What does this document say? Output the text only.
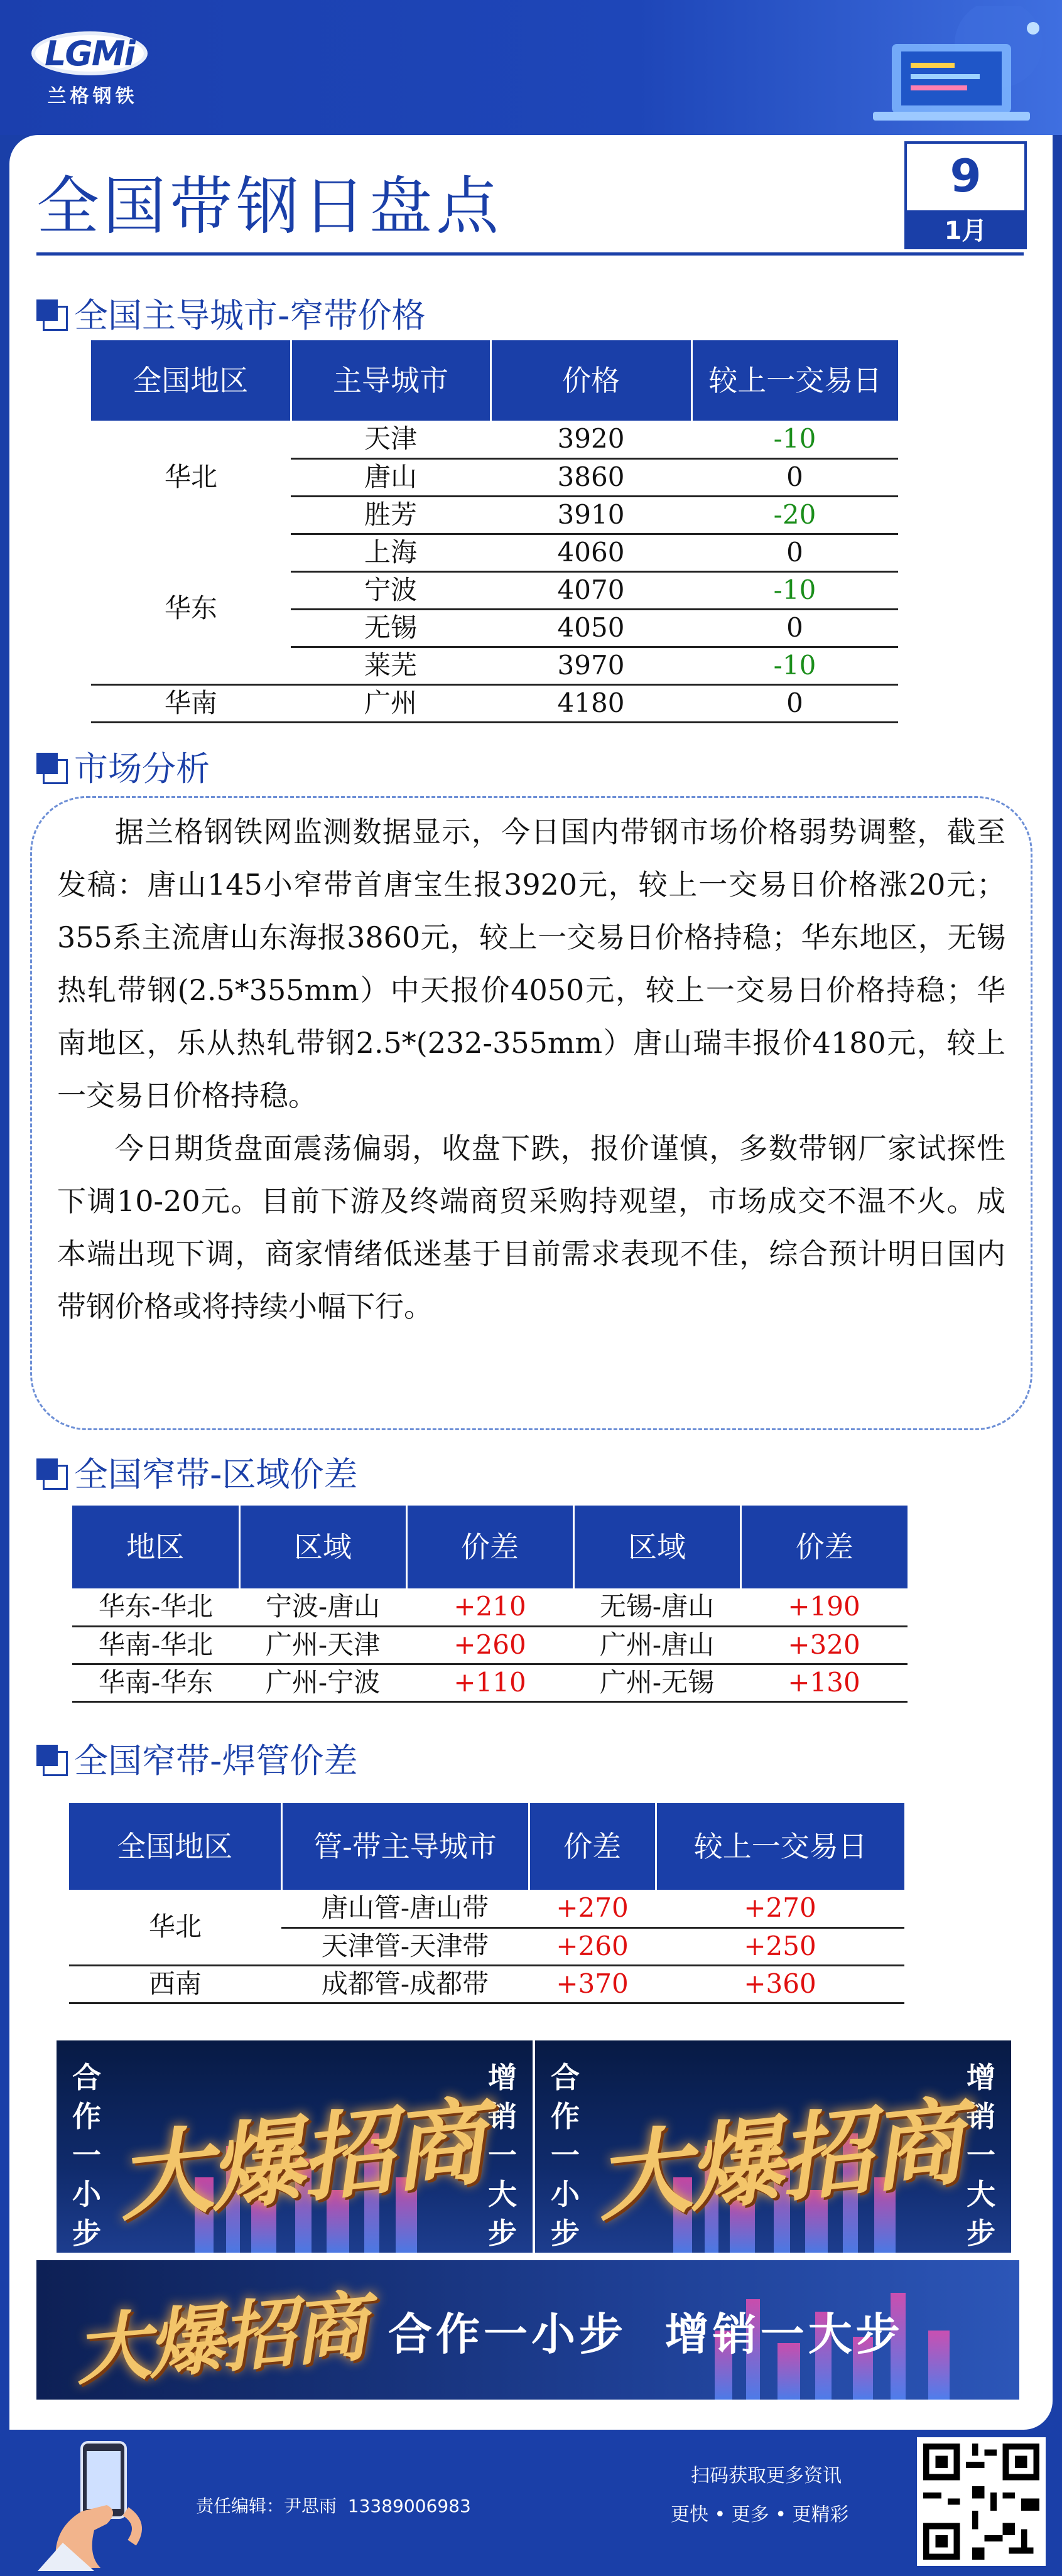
LGMi
兰格钢铁
全国带钢日盘点	9
1月
全国主导城市-窄带价格
全国地区	主导城市	价格	较上一交易日
华北	天津	3920	-10
	唐山	3860	0
	胜芳	3910	-20
华东	上海	4060	0
	宁波	4070	-10
	无锡	4050	0
	莱芜	3970	-10
华南	广州	4180	0
市场分析

据兰格钢铁网监测数据显示，今日国内带钢市场价格弱势调整，截至发稿：唐山145小窄带首唐宝生报3920元，较上一交易日价格涨20元；355系主流唐山东海报3860元，较上一交易日价格持稳；华东地区，无锡热轧带钢(2.5*355mm）中天报价4050元，较上一交易日价格持稳；华南地区，乐从热轧带钢2.5*(232-355mm）唐山瑞丰报价4180元，较上一交易日价格持稳。

今日期货盘面震荡偏弱，收盘下跌，报价谨慎，多数带钢厂家试探性下调10-20元。目前下游及终端商贸采购持观望，市场成交不温不火。成本端出现下调，商家情绪低迷基于目前需求表现不佳，综合预计明日国内带钢价格或将持续小幅下行。

全国窄带-区域价差
地区	区域	价差	区域	价差
华东-华北	宁波-唐山	+210	无锡-唐山	+190
华南-华北	广州-天津	+260	广州-唐山	+320
华南-华东	广州-宁波	+110	广州-无锡	+130
全国窄带-焊管价差
全国地区	管-带主导城市	价差	较上一交易日
华北	唐山管-唐山带	+270	+270
	天津管-天津带	+260	+250
西南	成都管-成都带	+370	+360
合作一小步
增销一大步
大爆招商
合作一小步
增销一大步
大爆招商
大爆招商 合作一小步  增销一大步
责任编辑：尹思雨  13389006983
扫码获取更多资讯
更快 • 更多 • 更精彩
